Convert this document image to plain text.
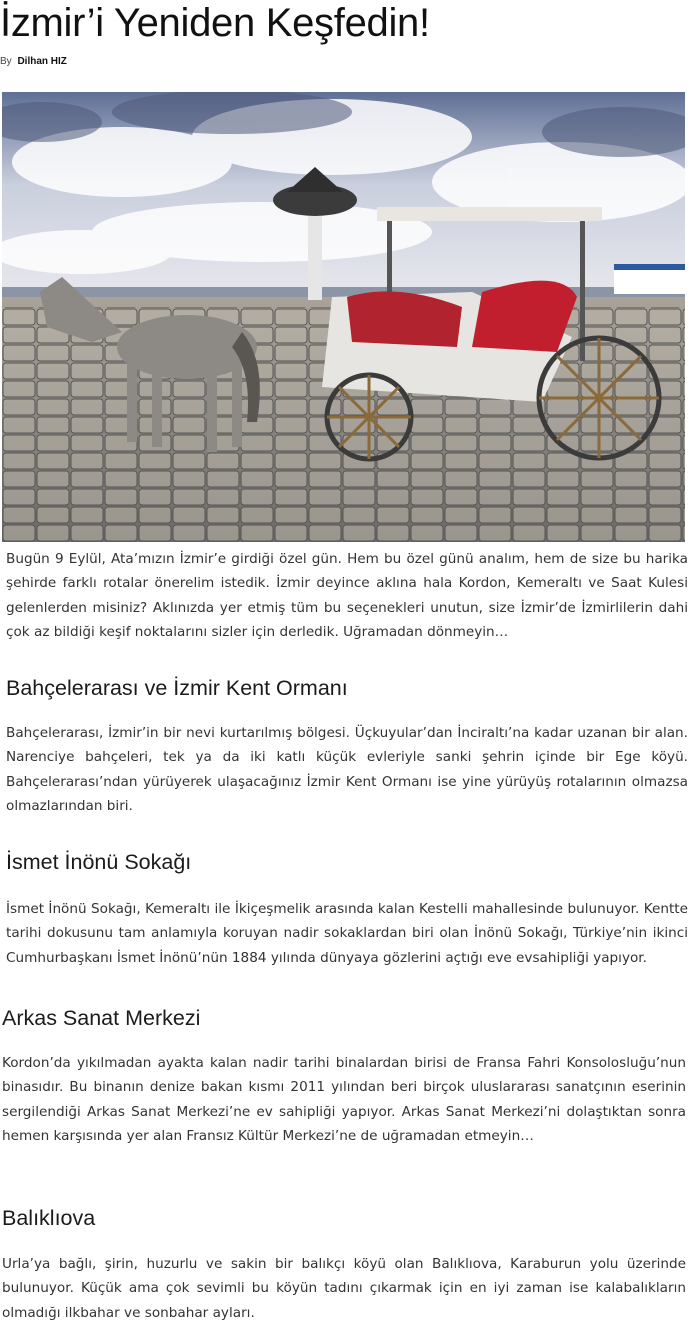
İzmir’i Yeniden Keşfedin!
By Dilhan HIZ

Bugün 9 Eylül, Ata’mızın İzmir’e girdiği özel gün. Hem bu özel günü analım, hem de size bu harika şehirde farklı rotalar önerelim istedik. İzmir deyince aklına hala Kordon, Kemeraltı ve Saat Kulesi gelenlerden misiniz? Aklınızda yer etmiş tüm bu seçenekleri unutun, size İzmir’de İzmirlilerin dahi çok az bildiği keşif noktalarını sizler için derledik. Uğramadan dönmeyin…

Bahçelerarası ve İzmir Kent Ormanı

Bahçelerarası, İzmir’in bir nevi kurtarılmış bölgesi. Üçkuyular’dan İnciraltı’na kadar uzanan bir alan. Narenciye bahçeleri, tek ya da iki katlı küçük evleriyle sanki şehrin içinde bir Ege köyü. Bahçelerarası’ndan yürüyerek ulaşacağınız İzmir Kent Ormanı ise yine yürüyüş rotalarının olmazsa olmazlarından biri.

İsmet İnönü Sokağı

İsmet İnönü Sokağı, Kemeraltı ile İkiçeşmelik arasında kalan Kestelli mahallesinde bulunuyor. Kentte tarihi dokusunu tam anlamıyla koruyan nadir sokaklardan biri olan İnönü Sokağı, Türkiye’nin ikinci Cumhurbaşkanı İsmet İnönü’nün 1884 yılında dünyaya gözlerini açtığı eve evsahipliği yapıyor.

Arkas Sanat Merkezi

Kordon’da yıkılmadan ayakta kalan nadir tarihi binalardan birisi de Fransa Fahri Konsolosluğu’nun binasıdır. Bu binanın denize bakan kısmı 2011 yılından beri birçok uluslararası sanatçının eserinin sergilendiği Arkas Sanat Merkezi’ne ev sahipliği yapıyor. Arkas Sanat Merkezi’ni dolaştıktan sonra hemen karşısında yer alan Fransız Kültür Merkezi’ne de uğramadan etmeyin…

Balıklıova

Urla’ya bağlı, şirin, huzurlu ve sakin bir balıkçı köyü olan Balıklıova, Karaburun yolu üzerinde bulunuyor. Küçük ama çok sevimli bu köyün tadını çıkarmak için en iyi zaman ise kalabalıkların olmadığı ilkbahar ve sonbahar ayları.
